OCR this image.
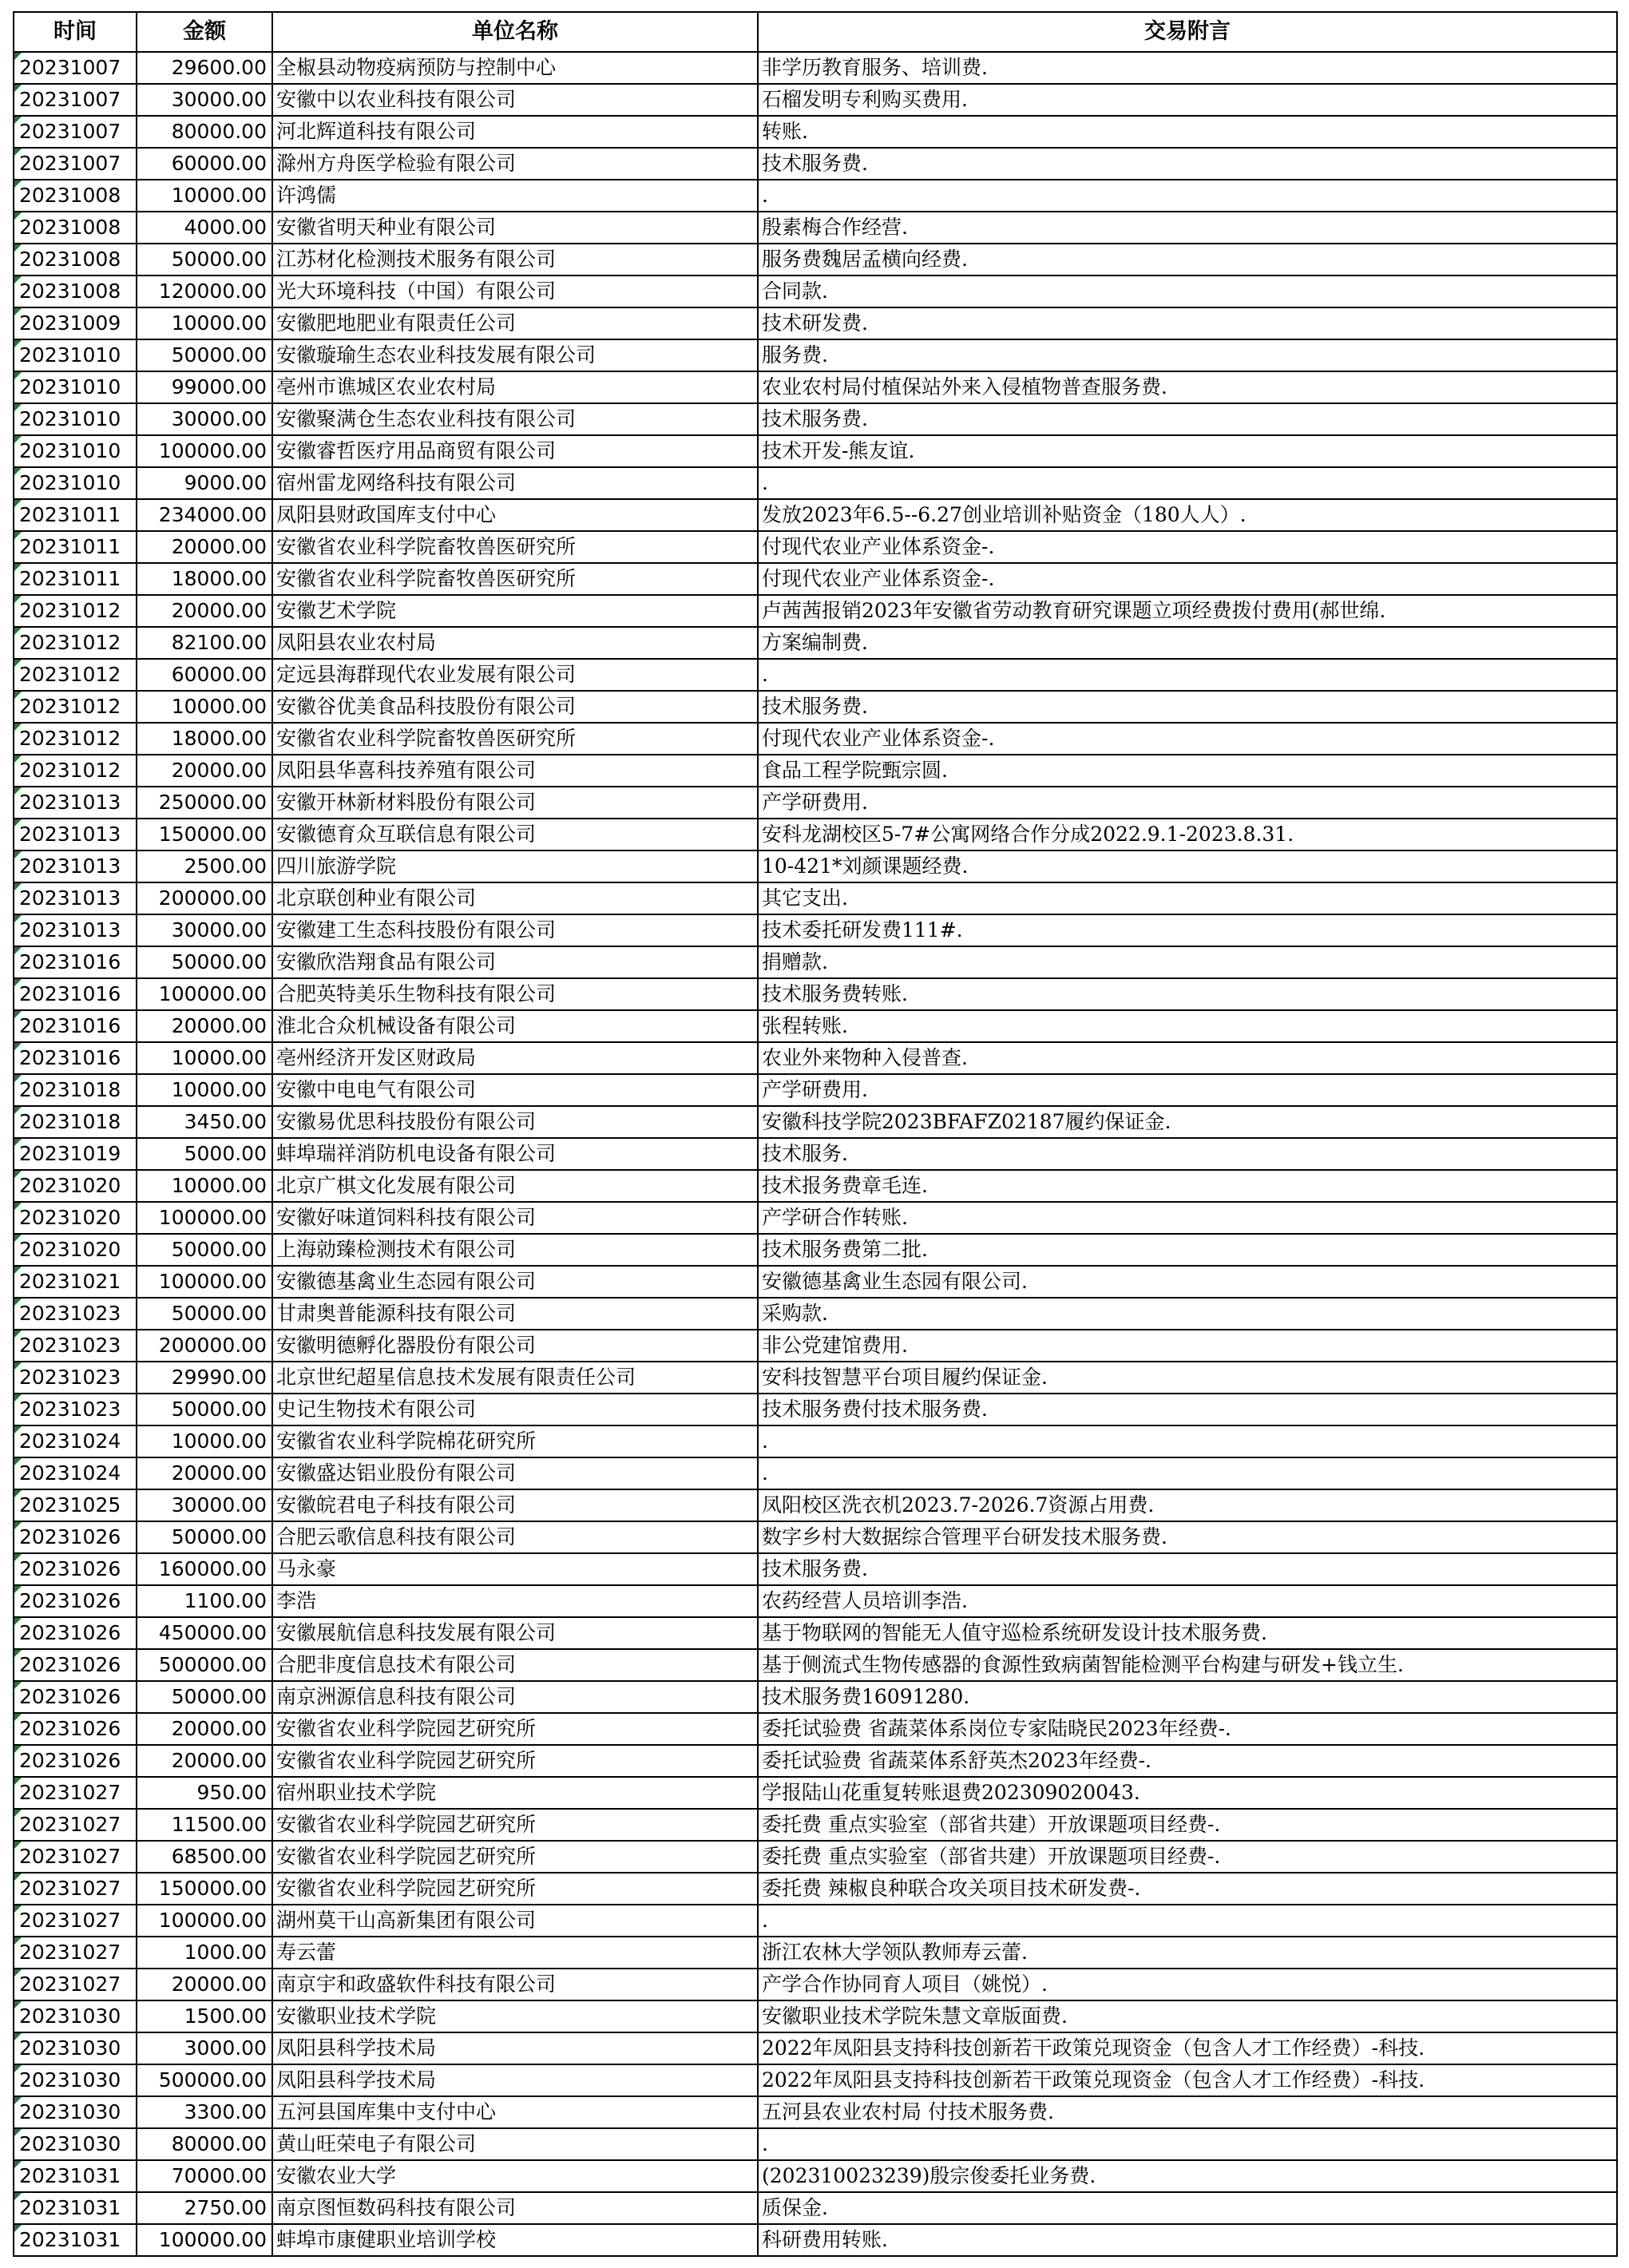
时间	金额	单位名称	交易附言
20231007	29600.00	全椒县动物疫病预防与控制中心	非学历教育服务、培训费.
20231007	30000.00	安徽中以农业科技有限公司	石榴发明专利购买费用.
20231007	80000.00	河北辉道科技有限公司	转账.
20231007	60000.00	滁州方舟医学检验有限公司	技术服务费.
20231008	10000.00	许鸿儒	.
20231008	4000.00	安徽省明天种业有限公司	殷素梅合作经营.
20231008	50000.00	江苏材化检测技术服务有限公司	服务费魏居孟横向经费.
20231008	120000.00	光大环境科技（中国）有限公司	合同款.
20231009	10000.00	安徽肥地肥业有限责任公司	技术研发费.
20231010	50000.00	安徽璇瑜生态农业科技发展有限公司	服务费.
20231010	99000.00	亳州市谯城区农业农村局	农业农村局付植保站外来入侵植物普查服务费.
20231010	30000.00	安徽聚满仓生态农业科技有限公司	技术服务费.
20231010	100000.00	安徽睿哲医疗用品商贸有限公司	技术开发-熊友谊.
20231010	9000.00	宿州雷龙网络科技有限公司	.
20231011	234000.00	凤阳县财政国库支付中心	发放2023年6.5--6.27创业培训补贴资金（180人人）.
20231011	20000.00	安徽省农业科学院畜牧兽医研究所	付现代农业产业体系资金-.
20231011	18000.00	安徽省农业科学院畜牧兽医研究所	付现代农业产业体系资金-.
20231012	20000.00	安徽艺术学院	卢茜茜报销2023年安徽省劳动教育研究课题立项经费拨付费用(郝世绵.
20231012	82100.00	凤阳县农业农村局	方案编制费.
20231012	60000.00	定远县海群现代农业发展有限公司	.
20231012	10000.00	安徽谷优美食品科技股份有限公司	技术服务费.
20231012	18000.00	安徽省农业科学院畜牧兽医研究所	付现代农业产业体系资金-.
20231012	20000.00	凤阳县华喜科技养殖有限公司	食品工程学院甄宗圆.
20231013	250000.00	安徽开林新材料股份有限公司	产学研费用.
20231013	150000.00	安徽德育众互联信息有限公司	安科龙湖校区5-7#公寓网络合作分成2022.9.1-2023.8.31.
20231013	2500.00	四川旅游学院	10-421*刘颜课题经费.
20231013	200000.00	北京联创种业有限公司	其它支出.
20231013	30000.00	安徽建工生态科技股份有限公司	技术委托研发费111#.
20231016	50000.00	安徽欣浩翔食品有限公司	捐赠款.
20231016	100000.00	合肥英特美乐生物科技有限公司	技术服务费转账.
20231016	20000.00	淮北合众机械设备有限公司	张程转账.
20231016	10000.00	亳州经济开发区财政局	农业外来物种入侵普查.
20231018	10000.00	安徽中电电气有限公司	产学研费用.
20231018	3450.00	安徽易优思科技股份有限公司	安徽科技学院2023BFAFZ02187履约保证金.
20231019	5000.00	蚌埠瑞祥消防机电设备有限公司	技术服务.
20231020	10000.00	北京广棋文化发展有限公司	技术报务费章毛连.
20231020	100000.00	安徽好味道饲料科技有限公司	产学研合作转账.
20231020	50000.00	上海勍臻检测技术有限公司	技术服务费第二批.
20231021	100000.00	安徽德基禽业生态园有限公司	安徽德基禽业生态园有限公司.
20231023	50000.00	甘肃奥普能源科技有限公司	采购款.
20231023	200000.00	安徽明德孵化器股份有限公司	非公党建馆费用.
20231023	29990.00	北京世纪超星信息技术发展有限责任公司	安科技智慧平台项目履约保证金.
20231023	50000.00	史记生物技术有限公司	技术服务费付技术服务费.
20231024	10000.00	安徽省农业科学院棉花研究所	.
20231024	20000.00	安徽盛达铝业股份有限公司	.
20231025	30000.00	安徽皖君电子科技有限公司	凤阳校区洗衣机2023.7-2026.7资源占用费.
20231026	50000.00	合肥云歌信息科技有限公司	数字乡村大数据综合管理平台研发技术服务费.
20231026	160000.00	马永豪	技术服务费.
20231026	1100.00	李浩	农药经营人员培训李浩.
20231026	450000.00	安徽展航信息科技发展有限公司	基于物联网的智能无人值守巡检系统研发设计技术服务费.
20231026	500000.00	合肥非度信息技术有限公司	基于侧流式生物传感器的食源性致病菌智能检测平台构建与研发+钱立生.
20231026	50000.00	南京洲源信息科技有限公司	技术服务费16091280.
20231026	20000.00	安徽省农业科学院园艺研究所	委托试验费 省蔬菜体系岗位专家陆晓民2023年经费-.
20231026	20000.00	安徽省农业科学院园艺研究所	委托试验费 省蔬菜体系舒英杰2023年经费-.
20231027	950.00	宿州职业技术学院	学报陆山花重复转账退费202309020043.
20231027	11500.00	安徽省农业科学院园艺研究所	委托费 重点实验室（部省共建）开放课题项目经费-.
20231027	68500.00	安徽省农业科学院园艺研究所	委托费 重点实验室（部省共建）开放课题项目经费-.
20231027	150000.00	安徽省农业科学院园艺研究所	委托费 辣椒良种联合攻关项目技术研发费-.
20231027	100000.00	湖州莫干山高新集团有限公司	.
20231027	1000.00	寿云蕾	浙江农林大学领队教师寿云蕾.
20231027	20000.00	南京宇和政盛软件科技有限公司	产学合作协同育人项目（姚悦）.
20231030	1500.00	安徽职业技术学院	安徽职业技术学院朱慧文章版面费.
20231030	3000.00	凤阳县科学技术局	2022年凤阳县支持科技创新若干政策兑现资金（包含人才工作经费）-科技.
20231030	500000.00	凤阳县科学技术局	2022年凤阳县支持科技创新若干政策兑现资金（包含人才工作经费）-科技.
20231030	3300.00	五河县国库集中支付中心	五河县农业农村局 付技术服务费.
20231030	80000.00	黄山旺荣电子有限公司	.
20231031	70000.00	安徽农业大学	(202310023239)殷宗俊委托业务费.
20231031	2750.00	南京图恒数码科技有限公司	质保金.
20231031	100000.00	蚌埠市康健职业培训学校	科研费用转账.
